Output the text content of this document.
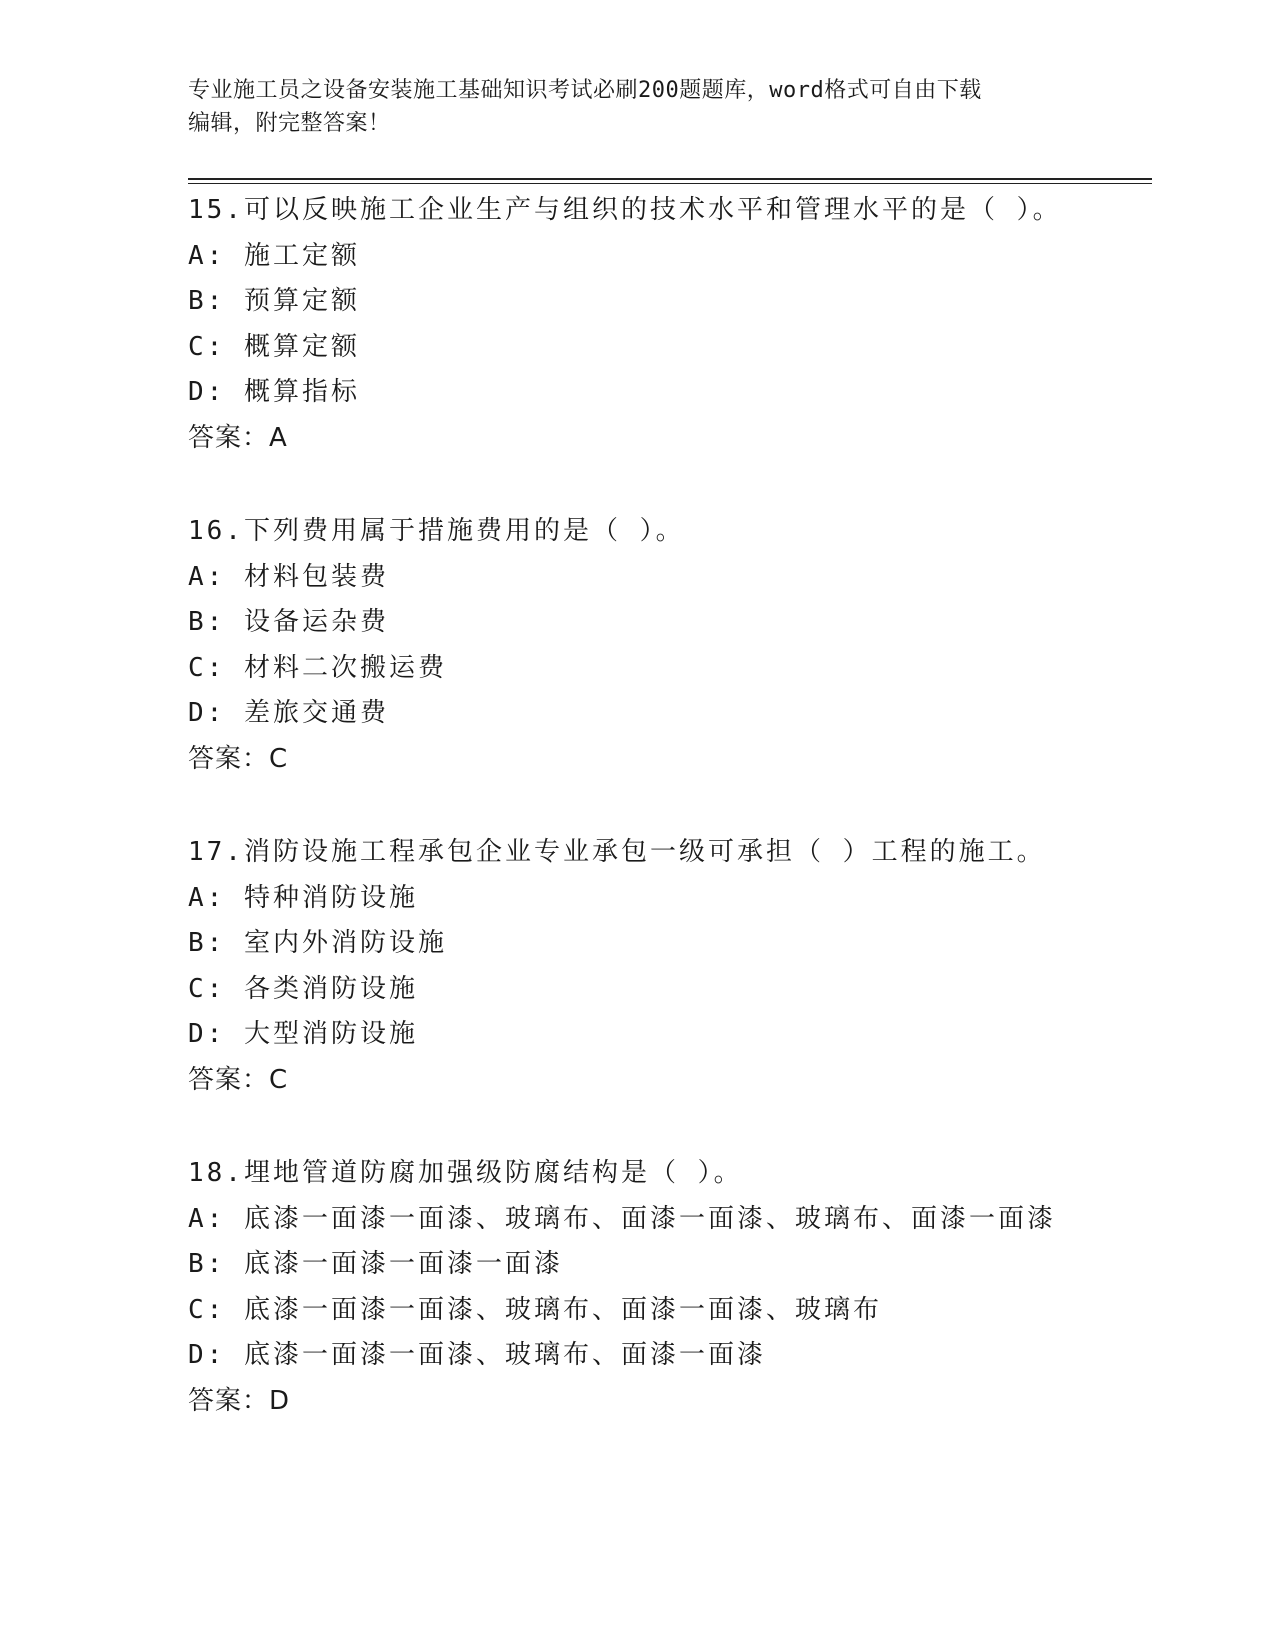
专业施工员之设备安装施工基础知识考试必刷200题题库，word格式可自由下载
编辑，附完整答案！
15.可以反映施工企业生产与组织的技术水平和管理水平的是（ ）。
A: 施工定额
B: 预算定额
C: 概算定额
D: 概算指标
答案：A
16.下列费用属于措施费用的是（ ）。
A: 材料包装费
B: 设备运杂费
C: 材料二次搬运费
D: 差旅交通费
答案：C
17.消防设施工程承包企业专业承包一级可承担（ ）工程的施工。
A: 特种消防设施
B: 室内外消防设施
C: 各类消防设施
D: 大型消防设施
答案：C
18.埋地管道防腐加强级防腐结构是（ ）。
A: 底漆一面漆一面漆、玻璃布、面漆一面漆、玻璃布、面漆一面漆
B: 底漆一面漆一面漆一面漆
C: 底漆一面漆一面漆、玻璃布、面漆一面漆、玻璃布
D: 底漆一面漆一面漆、玻璃布、面漆一面漆
答案：D
